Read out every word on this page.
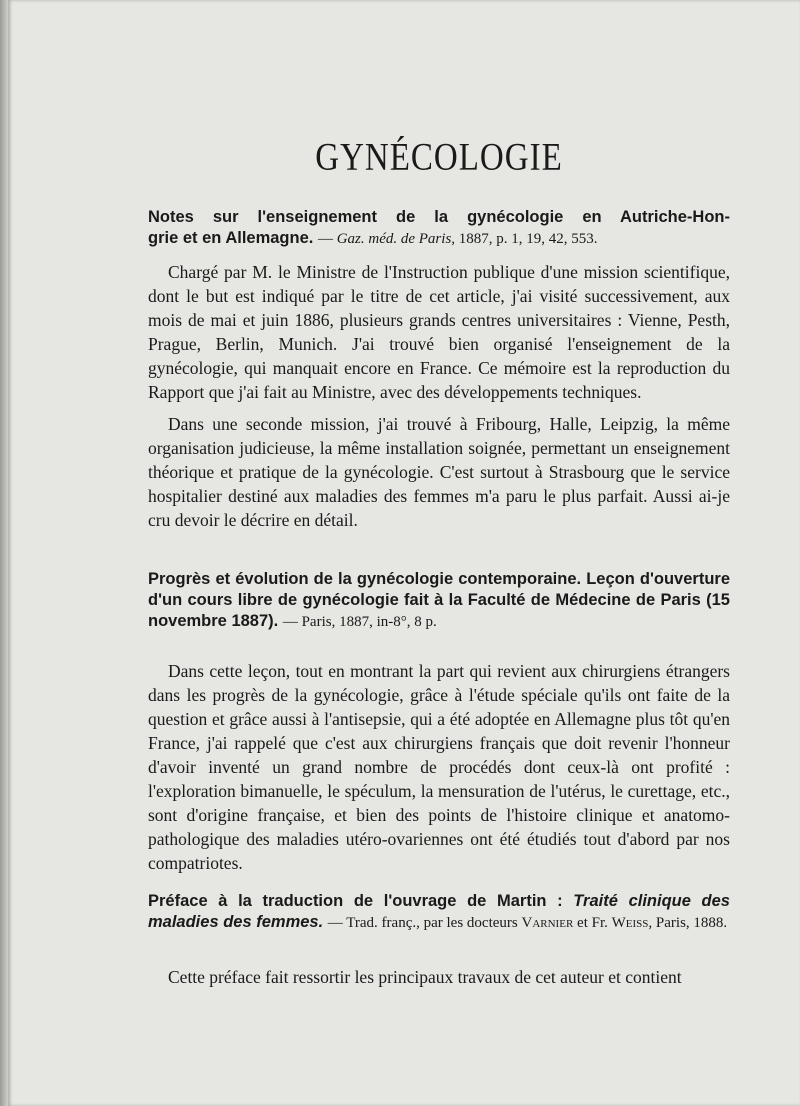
GYNÉCOLOGIE
Notes sur l'enseignement de la gynécologie en Autriche-Hon-
grie et en Allemagne. — Gaz. méd. de Paris, 1887, p. 1, 19, 42, 553.
Chargé par M. le Ministre de l'Instruction publique d'une mission scientifique, dont le but est indiqué par le titre de cet article, j'ai visité successivement, aux mois de mai et juin 1886, plusieurs grands centres universitaires : Vienne, Pesth, Prague, Berlin, Munich. J'ai trouvé bien organisé l'enseignement de la gynécologie, qui manquait encore en France. Ce mémoire est la reproduction du Rapport que j'ai fait au Ministre, avec des développements techniques.
Dans une seconde mission, j'ai trouvé à Fribourg, Halle, Leipzig, la même organisation judicieuse, la même installation soignée, permettant un enseignement théorique et pratique de la gynécologie. C'est surtout à Strasbourg que le service hospitalier destiné aux maladies des femmes m'a paru le plus parfait. Aussi ai-je cru devoir le décrire en détail.
Progrès et évolution de la gynécologie contemporaine. Leçon d'ouverture d'un cours libre de gynécologie fait à la Faculté de Médecine de Paris (15 novembre 1887). — Paris, 1887, in-8°, 8 p.
Dans cette leçon, tout en montrant la part qui revient aux chirurgiens étrangers dans les progrès de la gynécologie, grâce à l'étude spéciale qu'ils ont faite de la question et grâce aussi à l'antisepsie, qui a été adoptée en Allemagne plus tôt qu'en France, j'ai rappelé que c'est aux chirurgiens français que doit revenir l'honneur d'avoir inventé un grand nombre de procédés dont ceux-là ont profité : l'exploration bimanuelle, le spéculum, la mensuration de l'utérus, le curettage, etc., sont d'origine française, et bien des points de l'histoire clinique et anatomo-pathologique des maladies utéro-ovariennes ont été étudiés tout d'abord par nos compatriotes.
Préface à la traduction de l'ouvrage de Martin : Traité clinique des maladies des femmes. — Trad. franç., par les docteurs Varnier et Fr. Weiss, Paris, 1888.
Cette préface fait ressortir les principaux travaux de cet auteur et contient
